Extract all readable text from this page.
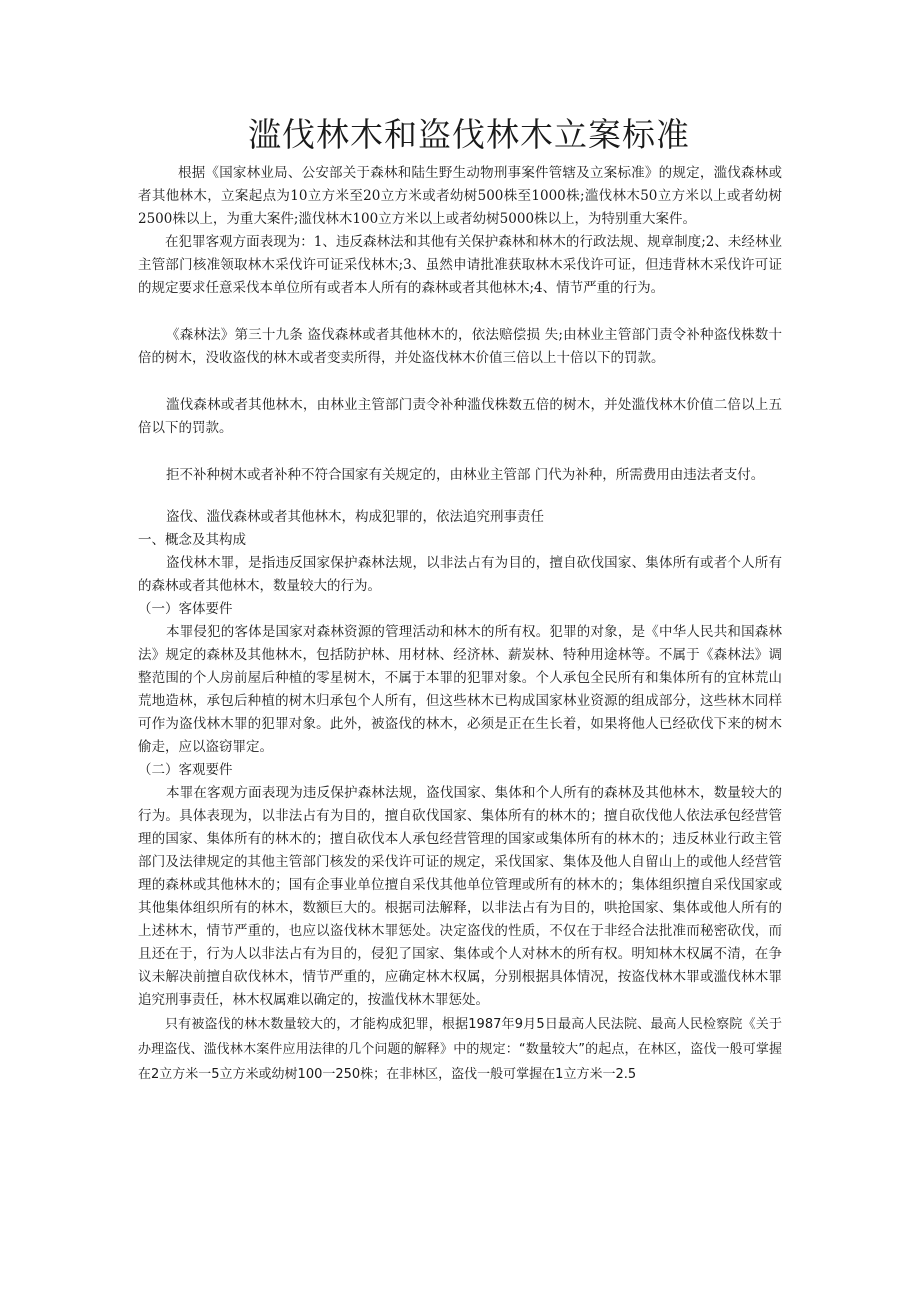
滥伐林木和盗伐林木立案标准

根据《国家林业局、公安部关于森林和陆生野生动物刑事案件管辖及立案标准》的规定，滥伐森林或者其他林木，立案起点为10立方米至20立方米或者幼树500株至1000株;滥伐林木50立方米以上或者幼树2500株以上，为重大案件;滥伐林木100立方米以上或者幼树5000株以上，为特别重大案件。

在犯罪客观方面表现为：1、违反森林法和其他有关保护森林和林木的行政法规、规章制度;2、未经林业主管部门核准领取林木采伐许可证采伐林木;3、虽然申请批准获取林木采伐许可证，但违背林木采伐许可证的规定要求任意采伐本单位所有或者本人所有的森林或者其他林木;4、情节严重的行为。

《森林法》第三十九条 盗伐森林或者其他林木的，依法赔偿损 失;由林业主管部门责令补种盗伐株数十倍的树木，没收盗伐的林木或者变卖所得，并处盗伐林木价值三倍以上十倍以下的罚款。

滥伐森林或者其他林木，由林业主管部门责令补种滥伐株数五倍的树木，并处滥伐林木价值二倍以上五倍以下的罚款。

拒不补种树木或者补种不符合国家有关规定的，由林业主管部 门代为补种，所需费用由违法者支付。

盗伐、滥伐森林或者其他林木，构成犯罪的，依法追究刑事责任

一、概念及其构成

盗伐林木罪，是指违反国家保护森林法规，以非法占有为目的，擅自砍伐国家、集体所有或者个人所有的森林或者其他林木，数量较大的行为。

（一）客体要件

本罪侵犯的客体是国家对森林资源的管理活动和林木的所有权。犯罪的对象，是《中华人民共和国森林法》规定的森林及其他林木，包括防护林、用材林、经济林、薪炭林、特种用途林等。不属于《森林法》调整范围的个人房前屋后种植的零星树木，不属于本罪的犯罪对象。个人承包全民所有和集体所有的宜林荒山荒地造林，承包后种植的树木归承包个人所有，但这些林木已构成国家林业资源的组成部分，这些林木同样可作为盗伐林木罪的犯罪对象。此外，被盗伐的林木，必须是正在生长着，如果将他人已经砍伐下来的树木偷走，应以盗窃罪定。

（二）客观要件

本罪在客观方面表现为违反保护森林法规，盗伐国家、集体和个人所有的森林及其他林木，数量较大的行为。具体表现为，以非法占有为目的，擅自砍伐国家、集体所有的林木的；擅自砍伐他人依法承包经营管理的国家、集体所有的林木的；擅自砍伐本人承包经营管理的国家或集体所有的林木的；违反林业行政主管部门及法律规定的其他主管部门核发的采伐许可证的规定，采伐国家、集体及他人自留山上的或他人经营管理的森林或其他林木的；国有企事业单位擅自采伐其他单位管理或所有的林木的；集体组织擅自采伐国家或其他集体组织所有的林木，数额巨大的。根据司法解释，以非法占有为目的，哄抢国家、集体或他人所有的上述林木，情节严重的，也应以盗伐林木罪惩处。决定盗伐的性质，不仅在于非经合法批准而秘密砍伐，而且还在于，行为人以非法占有为目的，侵犯了国家、集体或个人对林木的所有权。明知林木权属不清，在争议未解决前擅自砍伐林木，情节严重的，应确定林木权属，分别根据具体情况，按盗伐林木罪或滥伐林木罪追究刑事责任，林木权属难以确定的，按滥伐林木罪惩处。

只有被盗伐的林木数量较大的，才能构成犯罪，根据1987年9月5日最高人民法院、最高人民检察院《关于办理盗伐、滥伐林木案件应用法律的几个问题的解释》中的规定：“数量较大”的起点，在林区，盗伐一般可掌握在2立方米一5立方米或幼树100一250株；在非林区，盗伐一般可掌握在1立方米一2.5
